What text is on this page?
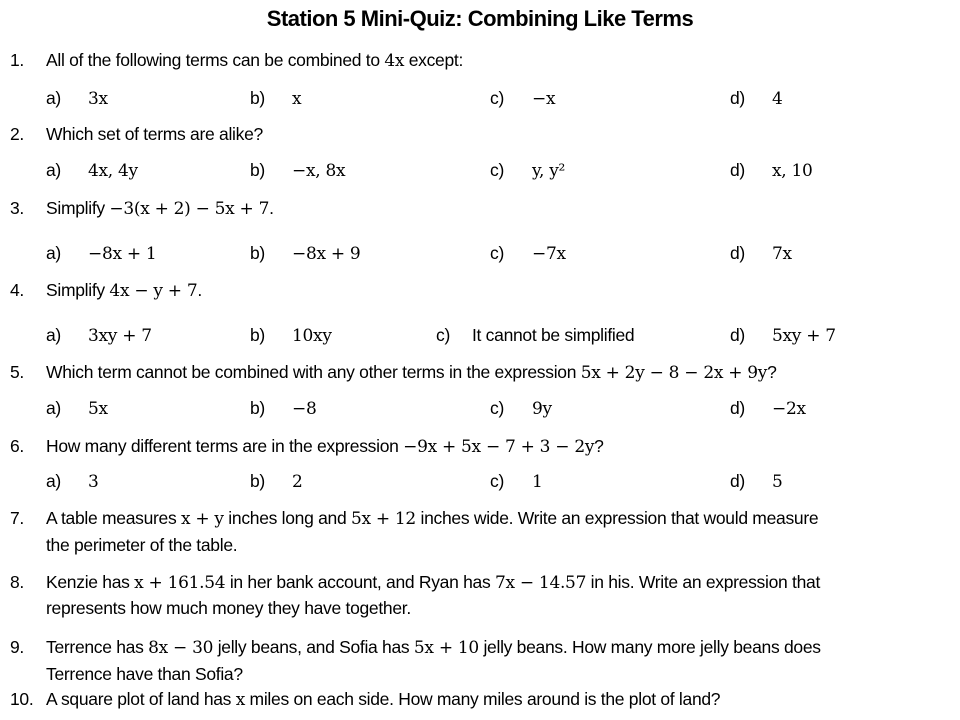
Station 5 Mini-Quiz: Combining Like Terms
1. All of the following terms can be combined to 4x except:
a) 3x	b) x	c) −x	d) 4
2. Which set of terms are alike?
a) 4x, 4y	b) −x, 8x	c) y, y²	d) x, 10
3. Simplify −3(x + 2) − 5x + 7.
a) −8x + 1	b) −8x + 9	c) −7x	d) 7x
4. Simplify 4x − y + 7.
a) 3xy + 7	b) 10xy	c) It cannot be simplified	d) 5xy + 7
5. Which term cannot be combined with any other terms in the expression 5x + 2y − 8 − 2x + 9y?
a) 5x	b) −8	c) 9y	d) −2x
6. How many different terms are in the expression −9x + 5x − 7 + 3 − 2y?
a) 3	b) 2	c) 1	d) 5
7. A table measures x + y inches long and 5x + 12 inches wide. Write an expression that would measure
the perimeter of the table.
8. Kenzie has x + 161.54 in her bank account, and Ryan has 7x − 14.57 in his. Write an expression that
represents how much money they have together.
9. Terrence has 8x − 30 jelly beans, and Sofia has 5x + 10 jelly beans. How many more jelly beans does
Terrence have than Sofia?
10. A square plot of land has x miles on each side. How many miles around is the plot of land?
